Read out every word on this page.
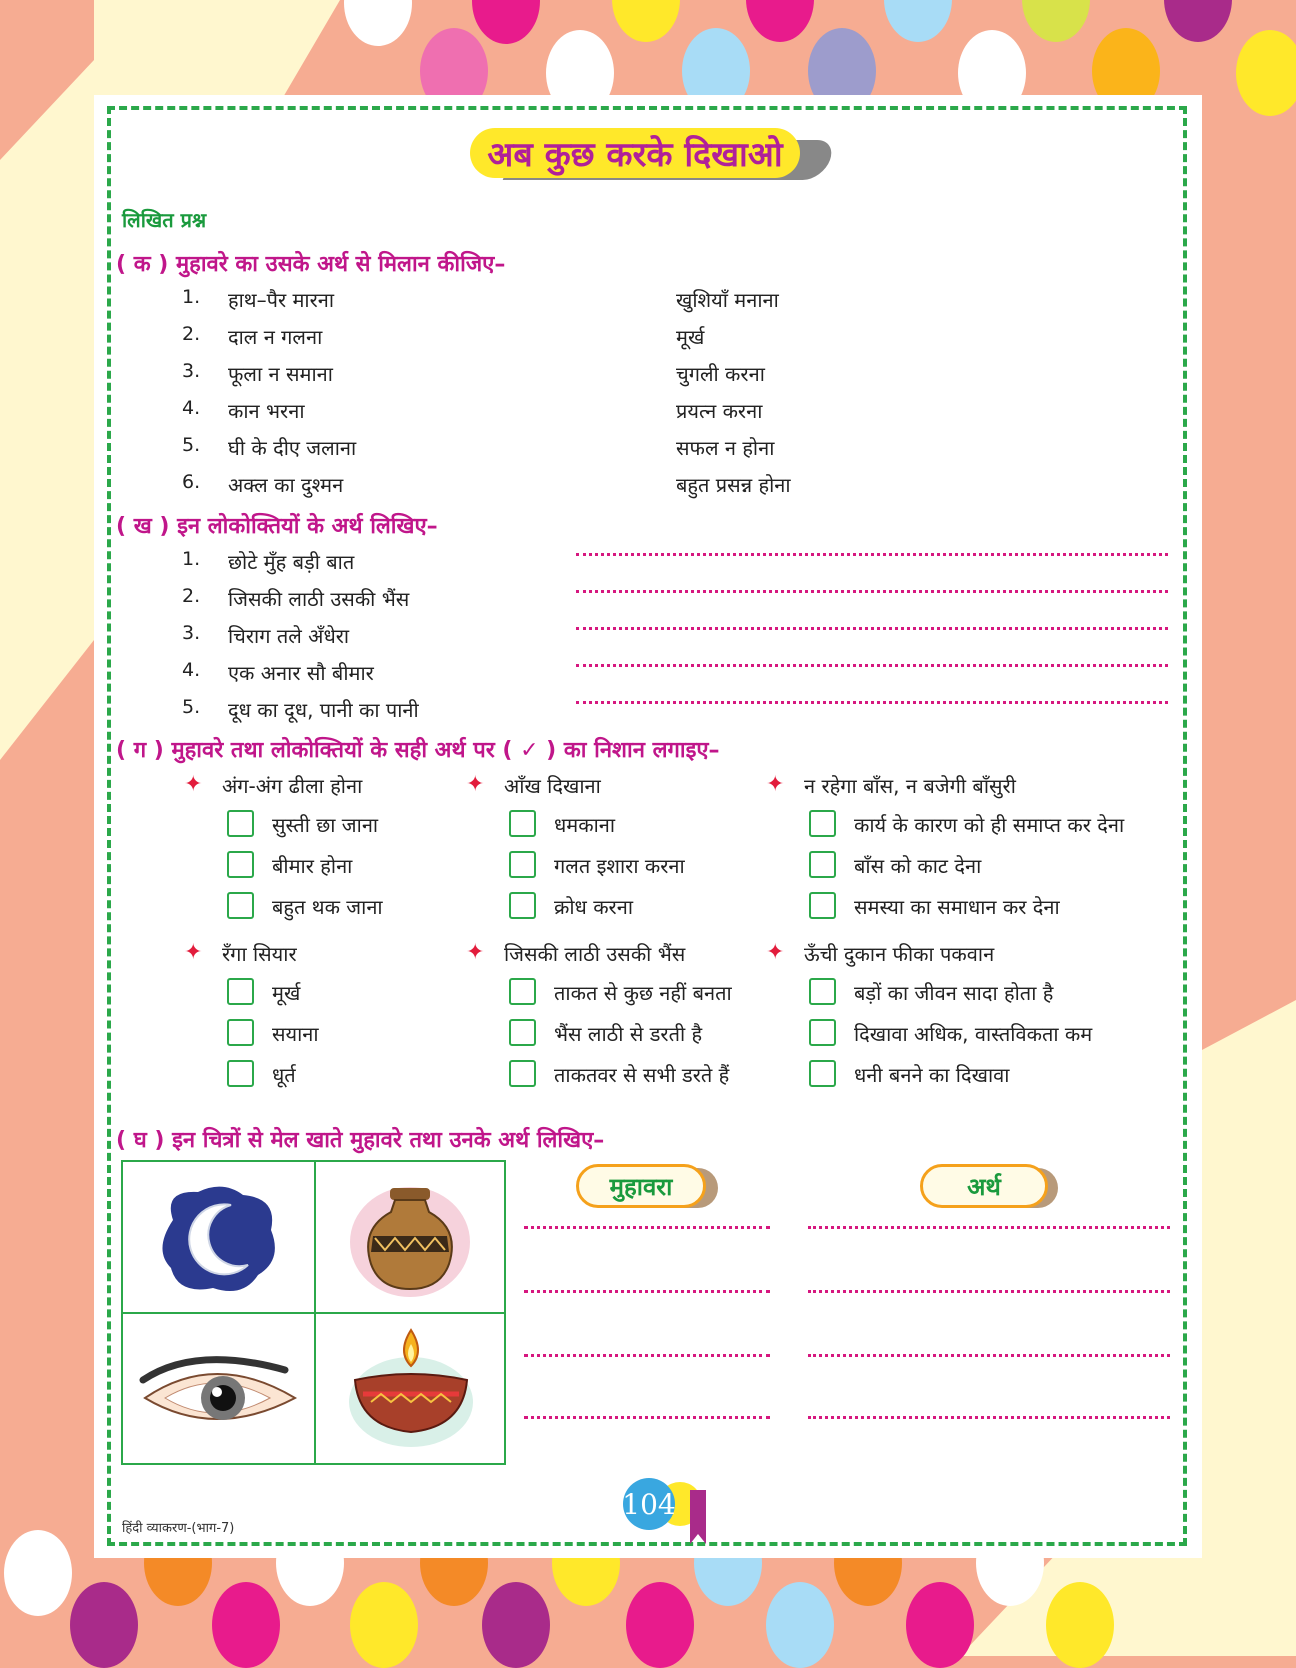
अब कुछ करके दिखाओ
लिखित प्रश्न
( क ) मुहावरे का उसके अर्थ से मिलान कीजिए–
1. हाथ–पैर मारना	खुशियाँ मनाना
2. दाल न गलना	मूर्ख
3. फूला न समाना	चुगली करना
4. कान भरना	प्रयत्न करना
5. घी के दीए जलाना	सफल न होना
6. अक्ल का दुश्मन	बहुत प्रसन्न होना
( ख ) इन लोकोक्तियों के अर्थ लिखिए–
1. छोटे मुँह बड़ी बात
2. जिसकी लाठी उसकी भैंस
3. चिराग तले अँधेरा
4. एक अनार सौ बीमार
5. दूध का दूध, पानी का पानी
( ग ) मुहावरे तथा लोकोक्तियों के सही अर्थ पर ( ✓ ) का निशान लगाइए–
✦ अंग-अंग ढीला होना
सुस्ती छा जाना
बीमार होना
बहुत थक जाना
✦ आँख दिखाना
धमकाना
गलत इशारा करना
क्रोध करना
✦ न रहेगा बाँस, न बजेगी बाँसुरी
कार्य के कारण को ही समाप्त कर देना
बाँस को काट देना
समस्या का समाधान कर देना
✦ रँगा सियार
मूर्ख
सयाना
धूर्त
✦ जिसकी लाठी उसकी भैंस
ताकत से कुछ नहीं बनता
भैंस लाठी से डरती है
ताकतवर से सभी डरते हैं
✦ ऊँची दुकान फीका पकवान
बड़ों का जीवन सादा होता है
दिखावा अधिक, वास्तविकता कम
धनी बनने का दिखावा
( घ ) इन चित्रों से मेल खाते मुहावरे तथा उनके अर्थ लिखिए–
मुहावरा	अर्थ
हिंदी व्याकरण-(भाग-7)
104
